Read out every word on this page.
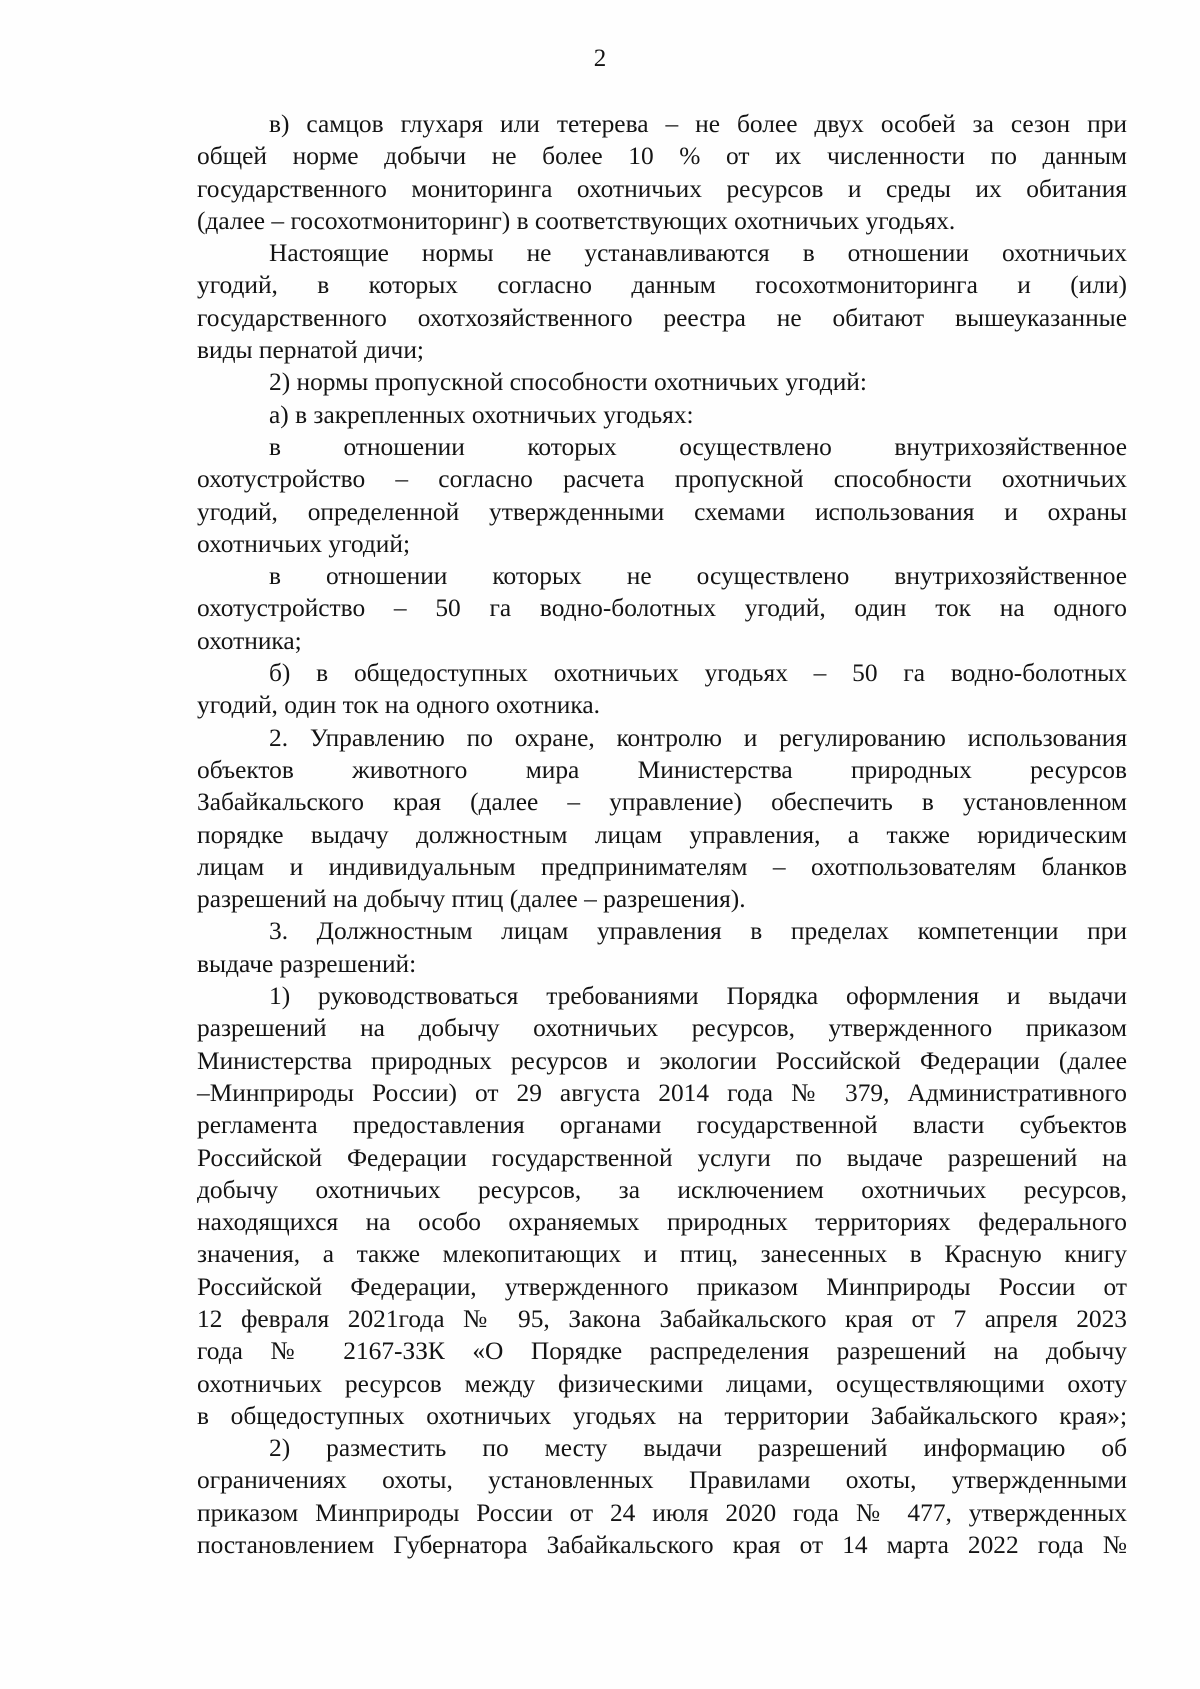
2
в) самцов глухаря или тетерева – не более двух особей за сезон при
общей норме добычи не более 10 % от их численности по данным
государственного мониторинга охотничьих ресурсов и среды их обитания
(далее – госохотмониторинг) в соответствующих охотничьих угодьях.
Настоящие нормы не устанавливаются в отношении охотничьих
угодий, в которых согласно данным госохотмониторинга и (или)
государственного охотхозяйственного реестра не обитают вышеуказанные
виды пернатой дичи;
2) нормы пропускной способности охотничьих угодий:
а) в закрепленных охотничьих угодьях:
в отношении которых осуществлено внутрихозяйственное
охотустройство – согласно расчета пропускной способности охотничьих
угодий, определенной утвержденными схемами использования и охраны
охотничьих угодий;
в отношении которых не осуществлено внутрихозяйственное
охотустройство – 50 га водно-болотных угодий, один ток на одного
охотника;
б) в общедоступных охотничьих угодьях – 50 га водно-болотных
угодий, один ток на одного охотника.
2. Управлению по охране, контролю и регулированию использования
объектов животного мира Министерства природных ресурсов
Забайкальского края (далее – управление) обеспечить в установленном
порядке выдачу должностным лицам управления, а также юридическим
лицам и индивидуальным предпринимателям – охотпользователям бланков
разрешений на добычу птиц (далее – разрешения).
3. Должностным лицам управления в пределах компетенции при
выдаче разрешений:
1) руководствоваться требованиями Порядка оформления и выдачи
разрешений на добычу охотничьих ресурсов, утвержденного приказом
Министерства природных ресурсов и экологии Российской Федерации (далее
–Минприроды России) от 29 августа 2014 года № 379, Административного
регламента предоставления органами государственной власти субъектов
Российской Федерации государственной услуги по выдаче разрешений на
добычу охотничьих ресурсов, за исключением охотничьих ресурсов,
находящихся на особо охраняемых природных территориях федерального
значения, а также млекопитающих и птиц, занесенных в Красную книгу
Российской Федерации, утвержденного приказом Минприроды России от
12 февраля 2021года № 95, Закона Забайкальского края от 7 апреля 2023
года № 2167-ЗЗК «О Порядке распределения разрешений на добычу
охотничьих ресурсов между физическими лицами, осуществляющими охоту
в общедоступных охотничьих угодьях на территории Забайкальского края»;
2) разместить по месту выдачи разрешений информацию об
ограничениях охоты, установленных Правилами охоты, утвержденными
приказом Минприроды России от 24 июля 2020 года № 477, утвержденных
постановлением Губернатора Забайкальского края от 14 марта 2022 года №
